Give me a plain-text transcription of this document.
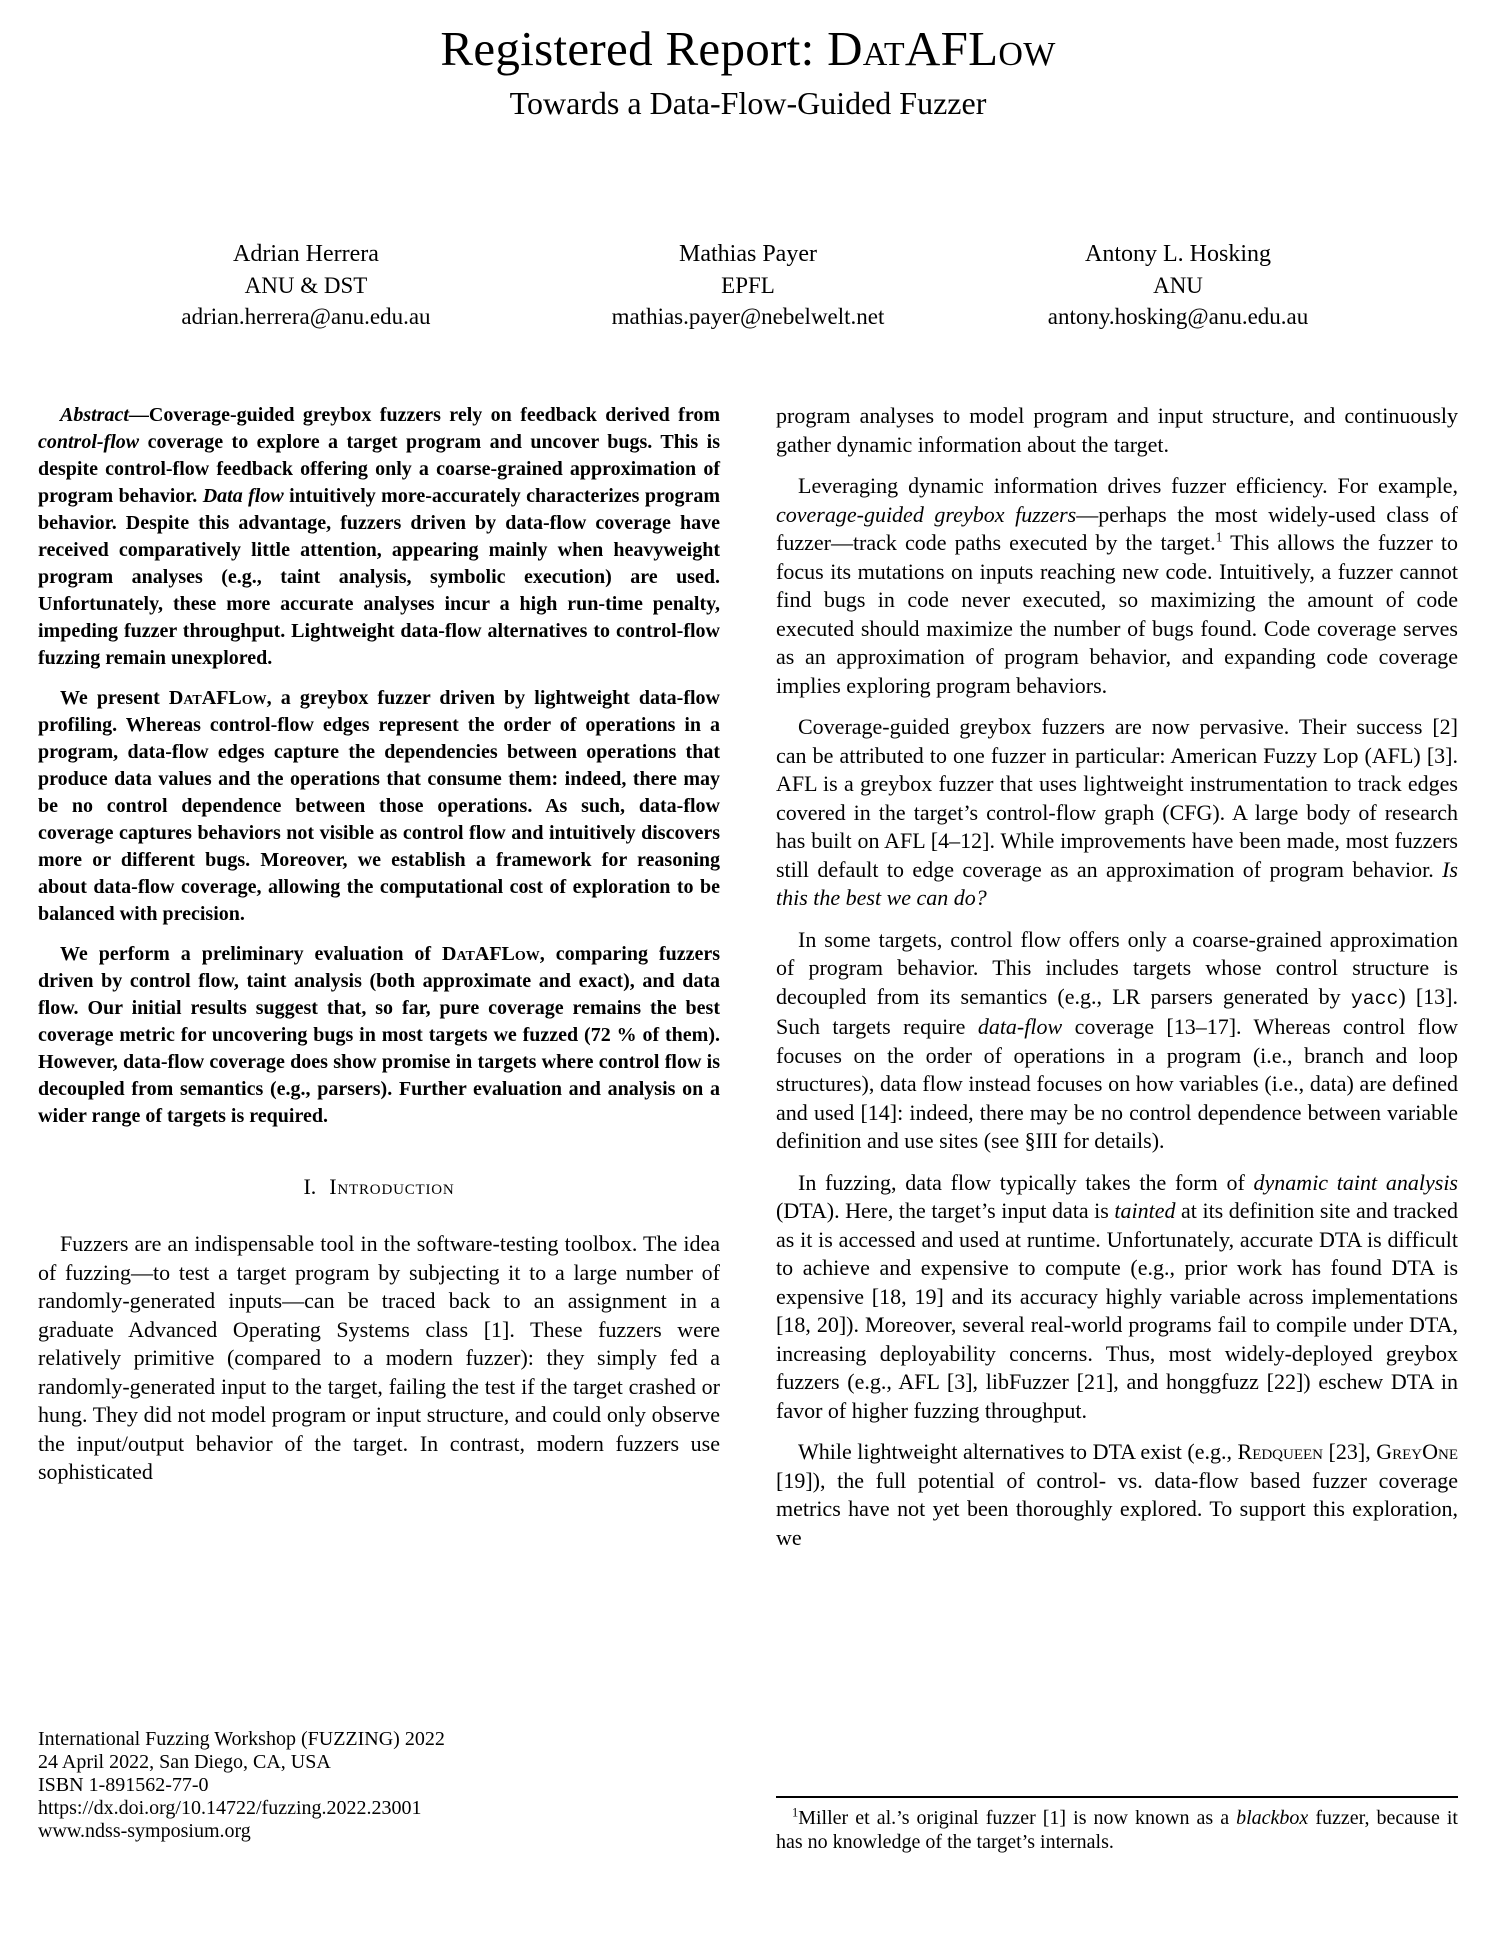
Registered Report: DatAFLow
Towards a Data-Flow-Guided Fuzzer
Adrian Herrera
ANU & DST
adrian.herrera@anu.edu.au
Mathias Payer
EPFL
mathias.payer@nebelwelt.net
Antony L. Hosking
ANU
antony.hosking@anu.edu.au

Abstract—Coverage-guided greybox fuzzers rely on feedback derived from control-flow coverage to explore a target program and uncover bugs. This is despite control-flow feedback offering only a coarse-grained approximation of program behavior. Data flow intuitively more-accurately characterizes program behavior. Despite this advantage, fuzzers driven by data-flow coverage have received comparatively little attention, appearing mainly when heavyweight program analyses (e.g., taint analysis, symbolic execution) are used. Unfortunately, these more accurate analyses incur a high run-time penalty, impeding fuzzer throughput. Lightweight data-flow alternatives to control-flow fuzzing remain unexplored.

We present DatAFLow, a greybox fuzzer driven by lightweight data-flow profiling. Whereas control-flow edges represent the order of operations in a program, data-flow edges capture the dependencies between operations that produce data values and the operations that consume them: indeed, there may be no control dependence between those operations. As such, data-flow coverage captures behaviors not visible as control flow and intuitively discovers more or different bugs. Moreover, we establish a framework for reasoning about data-flow coverage, allowing the computational cost of exploration to be balanced with precision.

We perform a preliminary evaluation of DatAFLow, comparing fuzzers driven by control flow, taint analysis (both approximate and exact), and data flow. Our initial results suggest that, so far, pure coverage remains the best coverage metric for uncovering bugs in most targets we fuzzed (72 % of them). However, data-flow coverage does show promise in targets where control flow is decoupled from semantics (e.g., parsers). Further evaluation and analysis on a wider range of targets is required.

I. Introduction

Fuzzers are an indispensable tool in the software-testing toolbox. The idea of fuzzing—to test a target program by subjecting it to a large number of randomly-generated inputs—can be traced back to an assignment in a graduate Advanced Operating Systems class [1]. These fuzzers were relatively primitive (compared to a modern fuzzer): they simply fed a randomly-generated input to the target, failing the test if the target crashed or hung. They did not model program or input structure, and could only observe the input/output behavior of the target. In contrast, modern fuzzers use sophisticated

International Fuzzing Workshop (FUZZING) 2022
24 April 2022, San Diego, CA, USA
ISBN 1-891562-77-0
https://dx.doi.org/10.14722/fuzzing.2022.23001
www.ndss-symposium.org

program analyses to model program and input structure, and continuously gather dynamic information about the target.

Leveraging dynamic information drives fuzzer efficiency. For example, coverage-guided greybox fuzzers—perhaps the most widely-used class of fuzzer—track code paths executed by the target.$^1$ This allows the fuzzer to focus its mutations on inputs reaching new code. Intuitively, a fuzzer cannot find bugs in code never executed, so maximizing the amount of code executed should maximize the number of bugs found. Code coverage serves as an approximation of program behavior, and expanding code coverage implies exploring program behaviors.

Coverage-guided greybox fuzzers are now pervasive. Their success [2] can be attributed to one fuzzer in particular: American Fuzzy Lop (AFL) [3]. AFL is a greybox fuzzer that uses lightweight instrumentation to track edges covered in the target’s control-flow graph (CFG). A large body of research has built on AFL [4–12]. While improvements have been made, most fuzzers still default to edge coverage as an approximation of program behavior. Is this the best we can do?

In some targets, control flow offers only a coarse-grained approximation of program behavior. This includes targets whose control structure is decoupled from its semantics (e.g., LR parsers generated by yacc) [13]. Such targets require data-flow coverage [13–17]. Whereas control flow focuses on the order of operations in a program (i.e., branch and loop structures), data flow instead focuses on how variables (i.e., data) are defined and used [14]: indeed, there may be no control dependence between variable definition and use sites (see §III for details).

In fuzzing, data flow typically takes the form of dynamic taint analysis (DTA). Here, the target’s input data is tainted at its definition site and tracked as it is accessed and used at runtime. Unfortunately, accurate DTA is difficult to achieve and expensive to compute (e.g., prior work has found DTA is expensive [18, 19] and its accuracy highly variable across implementations [18, 20]). Moreover, several real-world programs fail to compile under DTA, increasing deployability concerns. Thus, most widely-deployed greybox fuzzers (e.g., AFL [3], libFuzzer [21], and honggfuzz [22]) eschew DTA in favor of higher fuzzing throughput.

While lightweight alternatives to DTA exist (e.g., Redqueen [23], GreyOne [19]), the full potential of control- vs. data-flow based fuzzer coverage metrics have not yet been thoroughly explored. To support this exploration, we

$^1$Miller et al.’s original fuzzer [1] is now known as a blackbox fuzzer, because it has no knowledge of the target’s internals.
